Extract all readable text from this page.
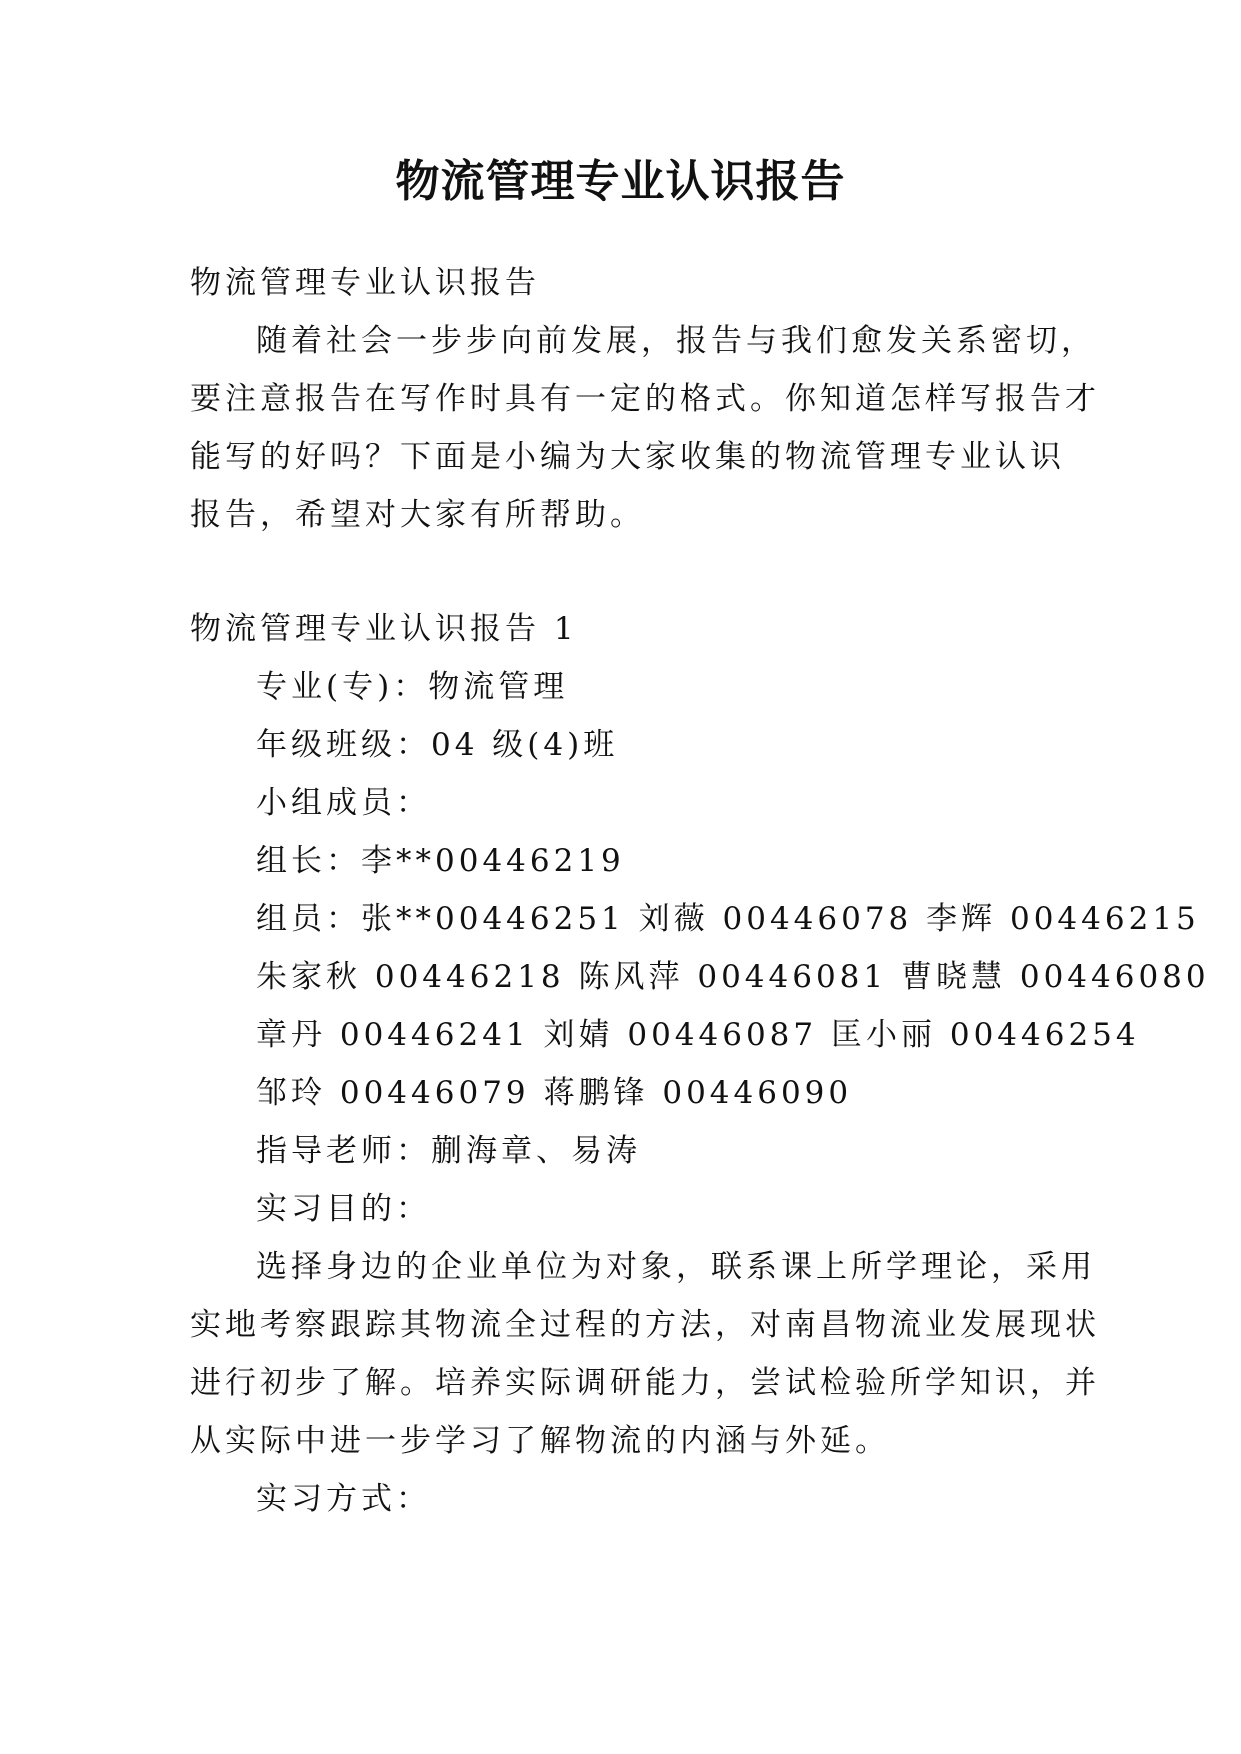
物流管理专业认识报告

物流管理专业认识报告

随着社会一步步向前发展，报告与我们愈发关系密切，

要注意报告在写作时具有一定的格式。你知道怎样写报告才

能写的好吗？下面是小编为大家收集的物流管理专业认识

报告，希望对大家有所帮助。

物流管理专业认识报告 1

专业(专)：物流管理

年级班级：04 级(4)班

小组成员：

组长：李**00446219

组员：张**00446251 刘薇 00446078 李辉 00446215

朱家秋 00446218 陈风萍 00446081 曹晓慧 00446080

章丹 00446241 刘婧 00446087 匡小丽 00446254

邹玲 00446079 蒋鹏锋 00446090

指导老师：蒯海章、易涛

实习目的：

选择身边的企业单位为对象，联系课上所学理论，采用

实地考察跟踪其物流全过程的方法，对南昌物流业发展现状

进行初步了解。培养实际调研能力，尝试检验所学知识，并

从实际中进一步学习了解物流的内涵与外延。

实习方式：
